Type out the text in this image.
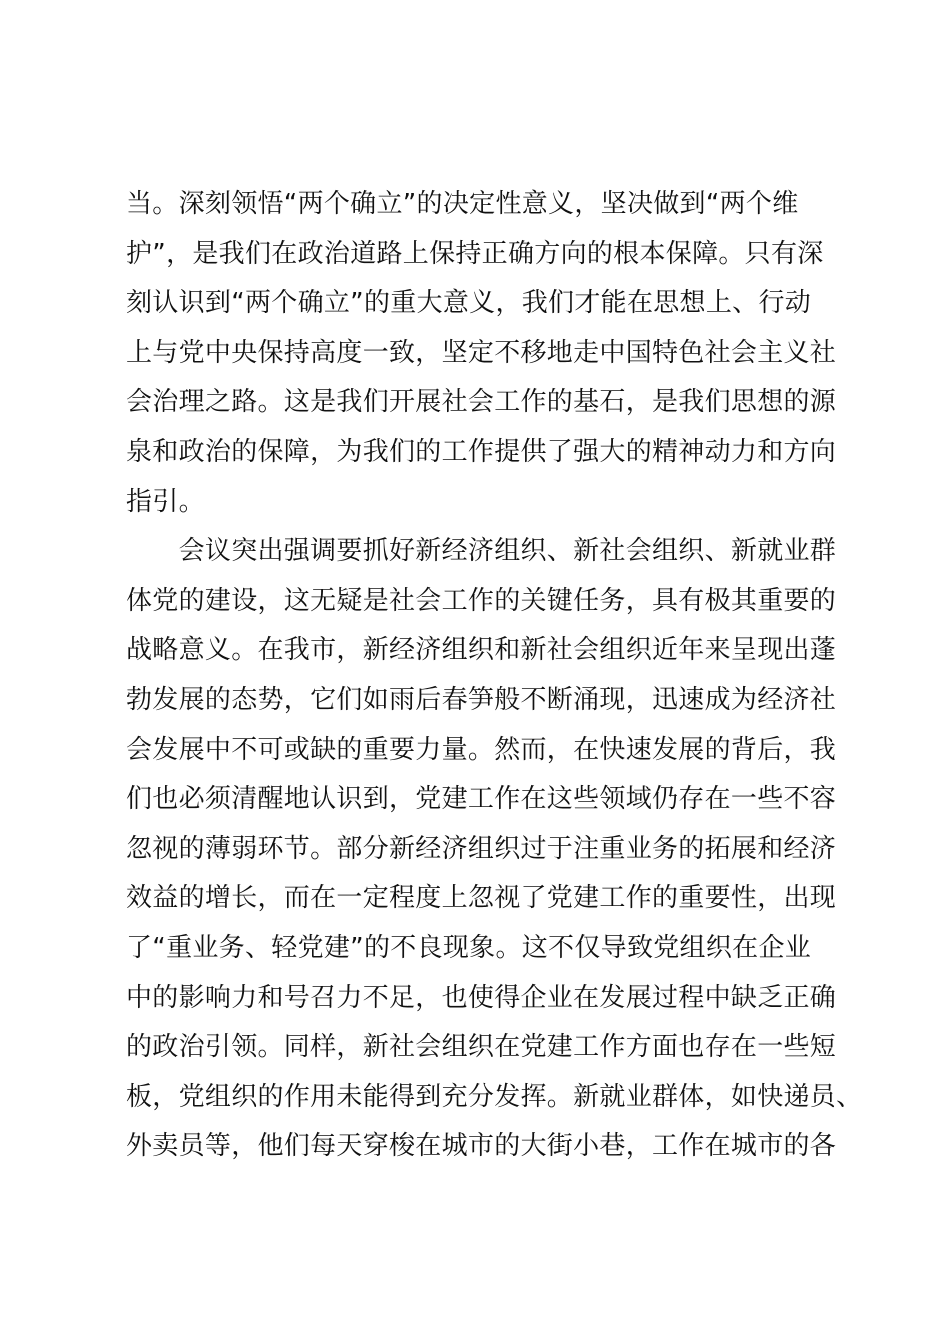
当。深刻领悟“两个确立”的决定性意义，坚决做到“两个维
护”，是我们在政治道路上保持正确方向的根本保障。只有深
刻认识到“两个确立”的重大意义，我们才能在思想上、行动
上与党中央保持高度一致，坚定不移地走中国特色社会主义社
会治理之路。这是我们开展社会工作的基石，是我们思想的源
泉和政治的保障，为我们的工作提供了强大的精神动力和方向
指引。
　　会议突出强调要抓好新经济组织、新社会组织、新就业群
体党的建设，这无疑是社会工作的关键任务，具有极其重要的
战略意义。在我市，新经济组织和新社会组织近年来呈现出蓬
勃发展的态势，它们如雨后春笋般不断涌现，迅速成为经济社
会发展中不可或缺的重要力量。然而，在快速发展的背后，我
们也必须清醒地认识到，党建工作在这些领域仍存在一些不容
忽视的薄弱环节。部分新经济组织过于注重业务的拓展和经济
效益的增长，而在一定程度上忽视了党建工作的重要性，出现
了“重业务、轻党建”的不良现象。这不仅导致党组织在企业
中的影响力和号召力不足，也使得企业在发展过程中缺乏正确
的政治引领。同样，新社会组织在党建工作方面也存在一些短
板，党组织的作用未能得到充分发挥。新就业群体，如快递员、
外卖员等，他们每天穿梭在城市的大街小巷，工作在城市的各
